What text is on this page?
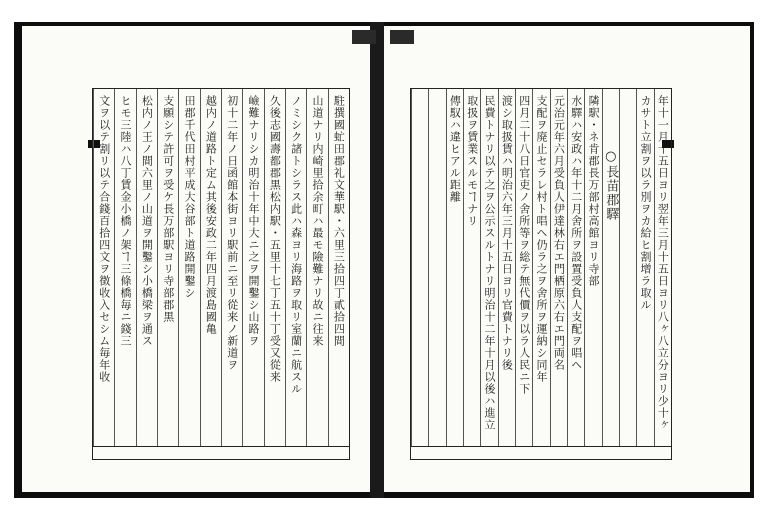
年十一月十五日ヨリ翌年三月十五日ヨリ八ヶ八立分ヨリ少十ヶ
カサト立割ヲ以ラ別ヲカ給ヒ割增ラ取ル
○長苗郡驛
隣駅・ネ肯郡長万部村高館ヨリ寺部
水驛ハ安政ハ年十二月舍所ヲ設置受負人支配ヲ唱ヘ
元治元年六月受負人伊達林右エ門栖原六右エ門両名
支配ヲ廃止セラレ村ト唱ヘ仍ラ之ヲ舍所ヲ運納シ同年
四月二十八日官吏ノ舍所等ヲ総テ無代價ヲ以ラ人民ニ下
渡シ取扱賃ハ明治六年三月十五日ヨリ官費トナリ後
民費トナリ以テ之ヲ公示スルトナリ明治十二年十月以後ハ進立
取扱ヲ賃業スルモヿナリ
傳馭ハ違ヒアル距離
駐撰國虻田郡礼文華駅・六里三拾四丁貳拾四間
山道ナリ内崎里拾余町ハ最モ險難ナリ故ニ往来
ノミシク諸トシラス此ハ森ヨリ海路ヲ取リ室蘭ニ航スル
久後志國壽都郡黒松内駅・五里十七丁五十丁受又從来
嶮難ナリシカ明治十年中大ニ之ヲ開鑿シ山路ヲ
初十二年ノ日函館本街ヨリ駅前ニ至リ從来ノ新道ヲ
越内ノ道路ト定ム其後安政二年四月渡島國亀
田郡千代田村平成大谷部ト道路開鑿シ
支願シテ許可ヲ受ケ長万部駅ヨリ寺部郡黒
松内ノ王ノ間六里ノ山道ヲ開鑿シ小橋梁ヲ通ス
ヒモ三陸ハ八丁賃金小橋ノ架ヿ三條橋毎ニ錢三
文ヲ以テ割リ以テ合錢百拾四文ヲ徴收入セシム毎年收
